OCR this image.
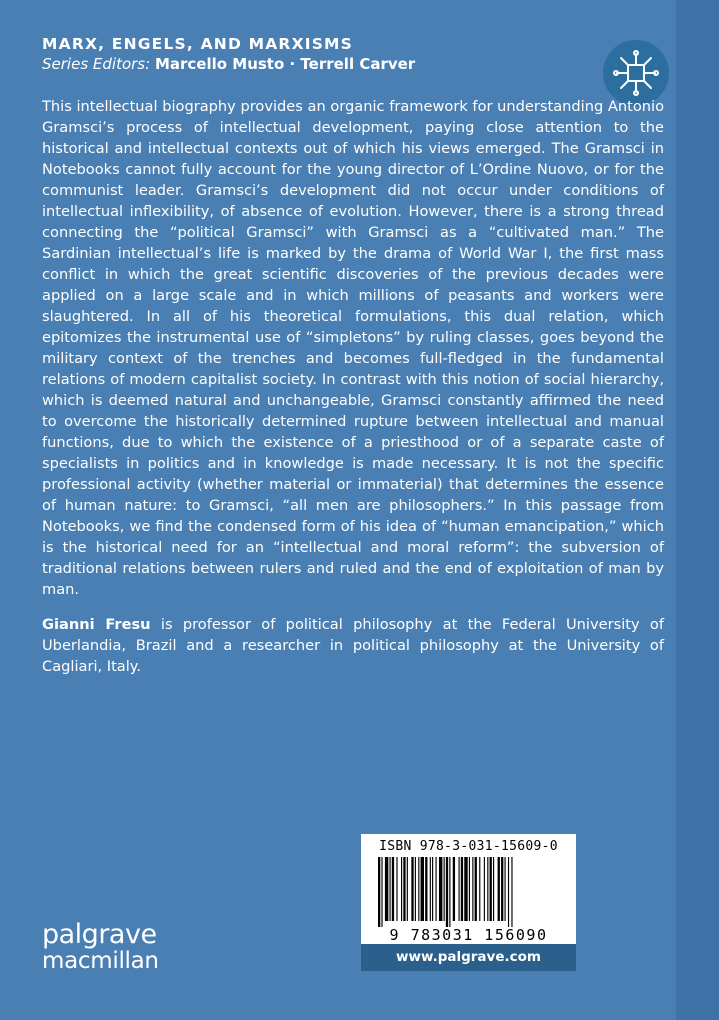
MARX, ENGELS, AND MARXISMS
Series Editors: Marcello Musto · Terrell Carver

This intellectual biography provides an organic framework for understanding Antonio Gramsci’s process of intellectual development, paying close attention to the historical and intellectual contexts out of which his views emerged. The Gramsci in Notebooks cannot fully account for the young director of L’Ordine Nuovo, or for the communist leader. Gramsci’s development did not occur under conditions of intellectual inflexibility, of absence of evolution. However, there is a strong thread connecting the “political Gramsci” with Gramsci as a “cultivated man.” The Sardinian intellectual’s life is marked by the drama of World War I, the first mass conflict in which the great scientific discoveries of the previous decades were applied on a large scale and in which millions of peasants and workers were slaughtered. In all of his theoretical formulations, this dual relation, which epitomizes the instrumental use of “simpletons” by ruling classes, goes beyond the military context of the trenches and becomes full-fledged in the fundamental relations of modern capitalist society. In contrast with this notion of social hierarchy, which is deemed natural and unchangeable, Gramsci constantly affirmed the need to overcome the historically determined rupture between intellectual and manual functions, due to which the existence of a priesthood or of a separate caste of specialists in politics and in knowledge is made necessary. It is not the specific professional activity (whether material or immaterial) that determines the essence of human nature: to Gramsci, “all men are philosophers.” In this passage from Notebooks, we find the condensed form of his idea of “human emancipation,” which is the historical need for an “intellectual and moral reform”: the subversion of traditional relations between rulers and ruled and the end of exploitation of man by man.

Gianni Fresu is professor of political philosophy at the Federal University of Uberlandia, Brazil and a researcher in political philosophy at the University of Cagliari, Italy.

ISBN 978-3-031-15609-0
9 783031 156090
www.palgrave.com
palgrave
macmillan
